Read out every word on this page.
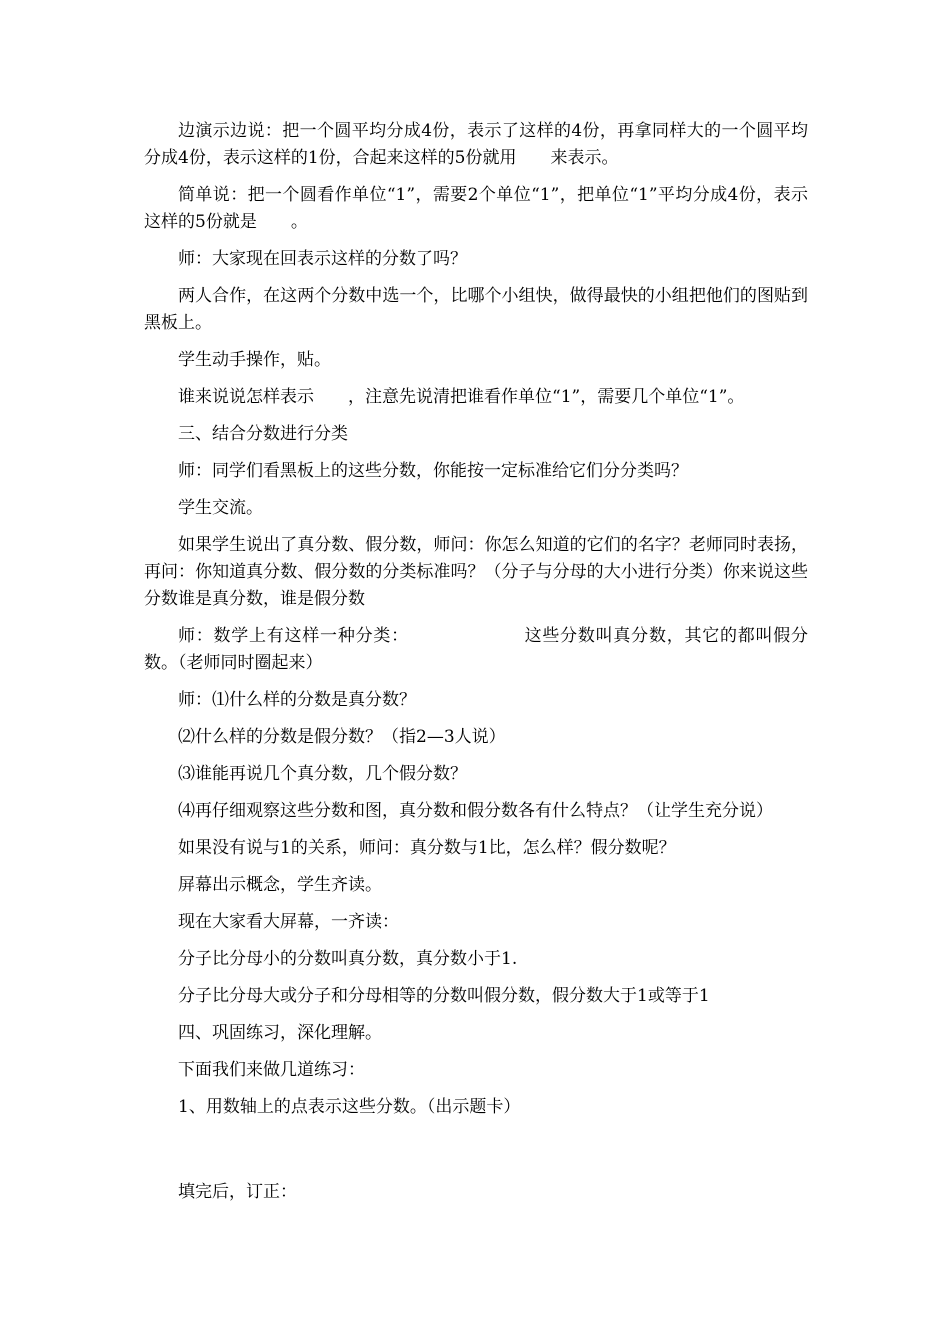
边演示边说：把一个圆平均分成4份，表示了这样的4份，再拿同样大的一个圆平均分成4份，表示这样的1份，合起来这样的5份就用　　来表示。

简单说：把一个圆看作单位“1”，需要2个单位“1”，把单位“1”平均分成4份，表示这样的5份就是　　。

师：大家现在回表示这样的分数了吗？

两人合作，在这两个分数中选一个，比哪个小组快，做得最快的小组把他们的图贴到黑板上。

学生动手操作，贴。

谁来说说怎样表示　　，注意先说清把谁看作单位“1”，需要几个单位“1”。

三、结合分数进行分类

师：同学们看黑板上的这些分数，你能按一定标准给它们分分类吗？

学生交流。

如果学生说出了真分数、假分数，师问：你怎么知道的它们的名字？老师同时表扬，再问：你知道真分数、假分数的分类标准吗？（分子与分母的大小进行分类）你来说这些分数谁是真分数，谁是假分数

师：数学上有这样一种分类：　　　　　　　这些分数叫真分数，其它的都叫假分数。（老师同时圈起来）

师：⑴什么样的分数是真分数？

⑵什么样的分数是假分数？（指2—3人说）

⑶谁能再说几个真分数，几个假分数？

⑷再仔细观察这些分数和图，真分数和假分数各有什么特点？（让学生充分说）

如果没有说与1的关系，师问：真分数与1比，怎么样？假分数呢？

屏幕出示概念，学生齐读。

现在大家看大屏幕，一齐读：

分子比分母小的分数叫真分数，真分数小于1.

分子比分母大或分子和分母相等的分数叫假分数，假分数大于1或等于1

四、巩固练习，深化理解。

下面我们来做几道练习：

1、用数轴上的点表示这些分数。（出示题卡）

填完后，订正：
